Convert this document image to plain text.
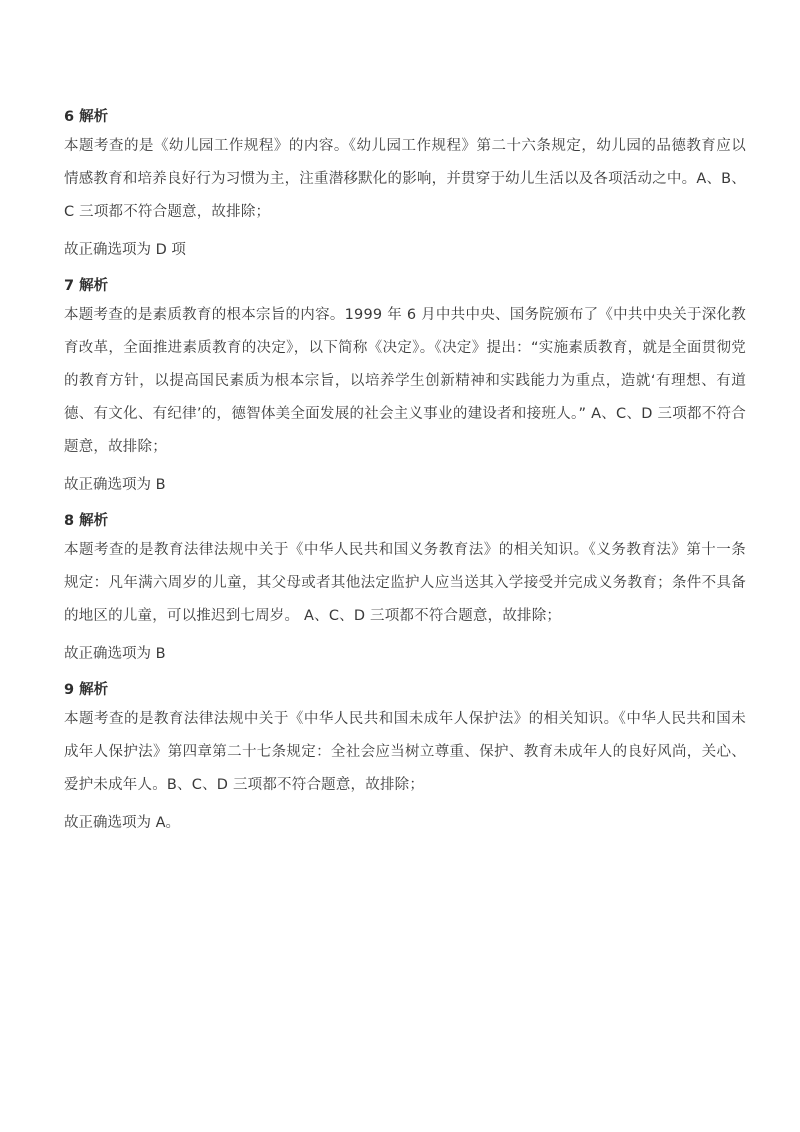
6 解析

本题考查的是《幼儿园工作规程》的内容。《幼儿园工作规程》第二十六条规定，幼儿园的品德教育应以情感教育和培养良好行为习惯为主，注重潜移默化的影响，并贯穿于幼儿生活以及各项活动之中。A、B、C 三项都不符合题意，故排除；

故正确选项为 D 项
7 解析

本题考查的是素质教育的根本宗旨的内容。1999 年 6 月中共中央、国务院颁布了《中共中央关于深化教育改革，全面推进素质教育的决定》，以下简称《决定》。《决定》提出：“实施素质教育，就是全面贯彻党的教育方针，以提高国民素质为根本宗旨，以培养学生创新精神和实践能力为重点，造就‘有理想、有道德、有文化、有纪律’的，德智体美全面发展的社会主义事业的建设者和接班人。” A、C、D 三项都不符合题意，故排除；

故正确选项为 B
8 解析

本题考查的是教育法律法规中关于《中华人民共和国义务教育法》的相关知识。《义务教育法》第十一条规定：凡年满六周岁的儿童，其父母或者其他法定监护人应当送其入学接受并完成义务教育；条件不具备的地区的儿童，可以推迟到七周岁。 A、C、D 三项都不符合题意，故排除；

故正确选项为 B
9 解析

本题考查的是教育法律法规中关于《中华人民共和国未成年人保护法》的相关知识。《中华人民共和国未成年人保护法》第四章第二十七条规定：全社会应当树立尊重、保护、教育未成年人的良好风尚，关心、爱护未成年人。B、C、D 三项都不符合题意，故排除；

故正确选项为 A。
